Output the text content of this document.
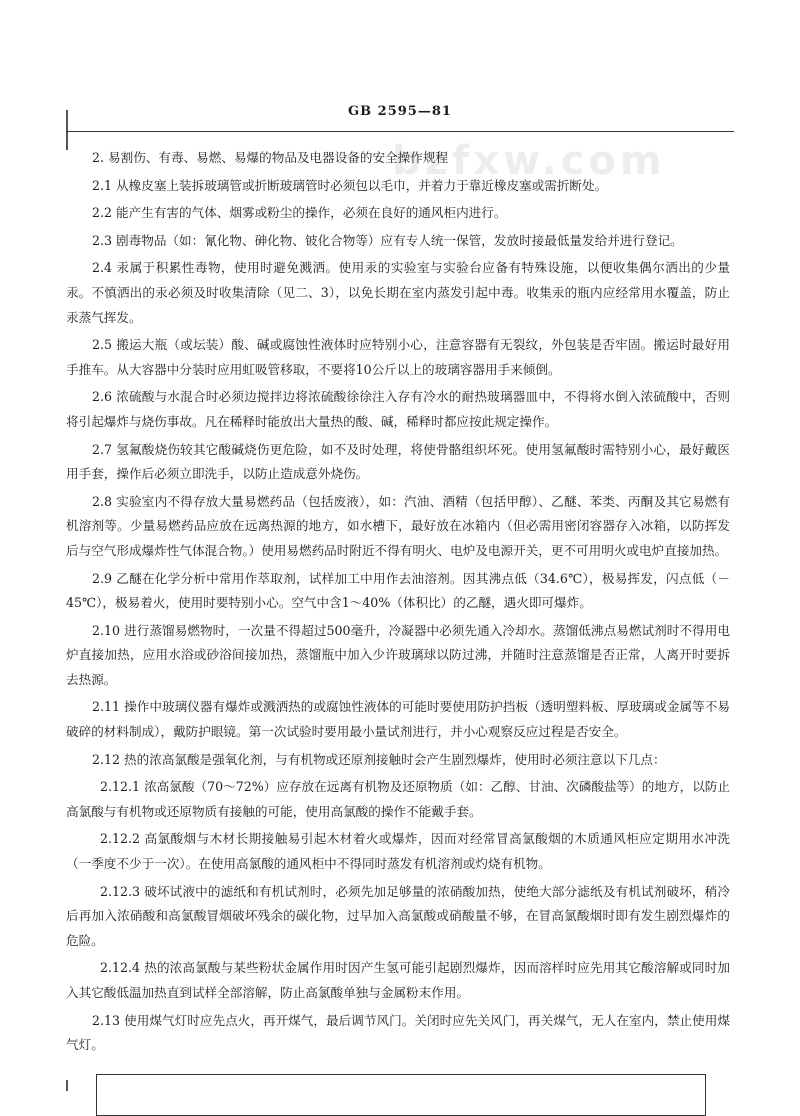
GB 2595—81
bzfxw.com

2. 易割伤、有毒、易燃、易爆的物品及电器设备的安全操作规程

2.1 从橡皮塞上装拆玻璃管或折断玻璃管时必须包以毛巾，并着力于靠近橡皮塞或需折断处。

2.2 能产生有害的气体、烟雾或粉尘的操作，必须在良好的通风柜内进行。

2.3 剧毒物品（如：氰化物、砷化物、铍化合物等）应有专人统一保管，发放时接最低量发给并进行登记。

2.4 汞属于积累性毒物，使用时避免溅洒。使用汞的实验室与实验台应备有特殊设施，以便收集偶尔洒出的少量汞。不慎洒出的汞必须及时收集清除（见二、3），以免长期在室内蒸发引起中毒。收集汞的瓶内应经常用水覆盖，防止汞蒸气挥发。

2.5 搬运大瓶（或坛装）酸、碱或腐蚀性液体时应特别小心，注意容器有无裂纹，外包装是否牢固。搬运时最好用手推车。从大容器中分装时应用虹吸管移取，不要将10公斤以上的玻璃容器用手来倾倒。

2.6 浓硫酸与水混合时必须边搅拌边将浓硫酸徐徐注入存有冷水的耐热玻璃器皿中，不得将水倒入浓硫酸中，否则将引起爆炸与烧伤事故。凡在稀释时能放出大量热的酸、碱，稀释时都应按此规定操作。

2.7 氢氟酸烧伤较其它酸碱烧伤更危险，如不及时处理，将使骨骼组织坏死。使用氢氟酸时需特别小心，最好戴医用手套，操作后必须立即洗手，以防止造成意外烧伤。

2.8 实验室内不得存放大量易燃药品（包括废液），如：汽油、酒精（包括甲醇）、乙醚、苯类、丙酮及其它易燃有机溶剂等。少量易燃药品应放在远离热源的地方，如水槽下，最好放在冰箱内（但必需用密闭容器存入冰箱，以防挥发后与空气形成爆炸性气体混合物。）使用易燃药品时附近不得有明火、电炉及电源开关，更不可用明火或电炉直接加热。

2.9 乙醚在化学分析中常用作萃取剂，试样加工中用作去油溶剂。因其沸点低（34.6℃），极易挥发，闪点低（－45℃），极易着火，使用时要特别小心。空气中含1～40%（体积比）的乙醚，遇火即可爆炸。

2.10 进行蒸馏易燃物时，一次量不得超过500毫升，冷凝器中必须先通入冷却水。蒸馏低沸点易燃试剂时不得用电炉直接加热，应用水浴或砂浴间接加热，蒸馏瓶中加入少许玻璃球以防过沸，并随时注意蒸馏是否正常，人离开时要拆去热源。

2.11 操作中玻璃仪器有爆炸或溅洒热的或腐蚀性液体的可能时要使用防护挡板（透明塑料板、厚玻璃或金属等不易破碎的材料制成），戴防护眼镜。第一次试验时要用最小量试剂进行，并小心观察反应过程是否安全。

2.12 热的浓高氯酸是强氧化剂，与有机物或还原剂接触时会产生剧烈爆炸，使用时必须注意以下几点：

2.12.1 浓高氯酸（70～72%）应存放在远离有机物及还原物质（如：乙醇、甘油、次磷酸盐等）的地方，以防止高氯酸与有机物或还原物质有接触的可能，使用高氯酸的操作不能戴手套。

2.12.2 高氯酸烟与木材长期接触易引起木材着火或爆炸，因而对经常冒高氯酸烟的木质通风柜应定期用水冲洗（一季度不少于一次）。在使用高氯酸的通风柜中不得同时蒸发有机溶剂或灼烧有机物。

2.12.3 破坏试液中的滤纸和有机试剂时，必须先加足够量的浓硝酸加热，使绝大部分滤纸及有机试剂破坏，稍冷后再加入浓硝酸和高氯酸冒烟破坏残余的碳化物，过早加入高氯酸或硝酸量不够，在冒高氯酸烟时即有发生剧烈爆炸的危险。

2.12.4 热的浓高氯酸与某些粉状金属作用时因产生氢可能引起剧烈爆炸，因而溶样时应先用其它酸溶解或同时加入其它酸低温加热直到试样全部溶解，防止高氯酸单独与金属粉末作用。

2.13 使用煤气灯时应先点火，再开煤气，最后调节风门。关闭时应先关风门，再关煤气，无人在室内，禁止使用煤气灯。
